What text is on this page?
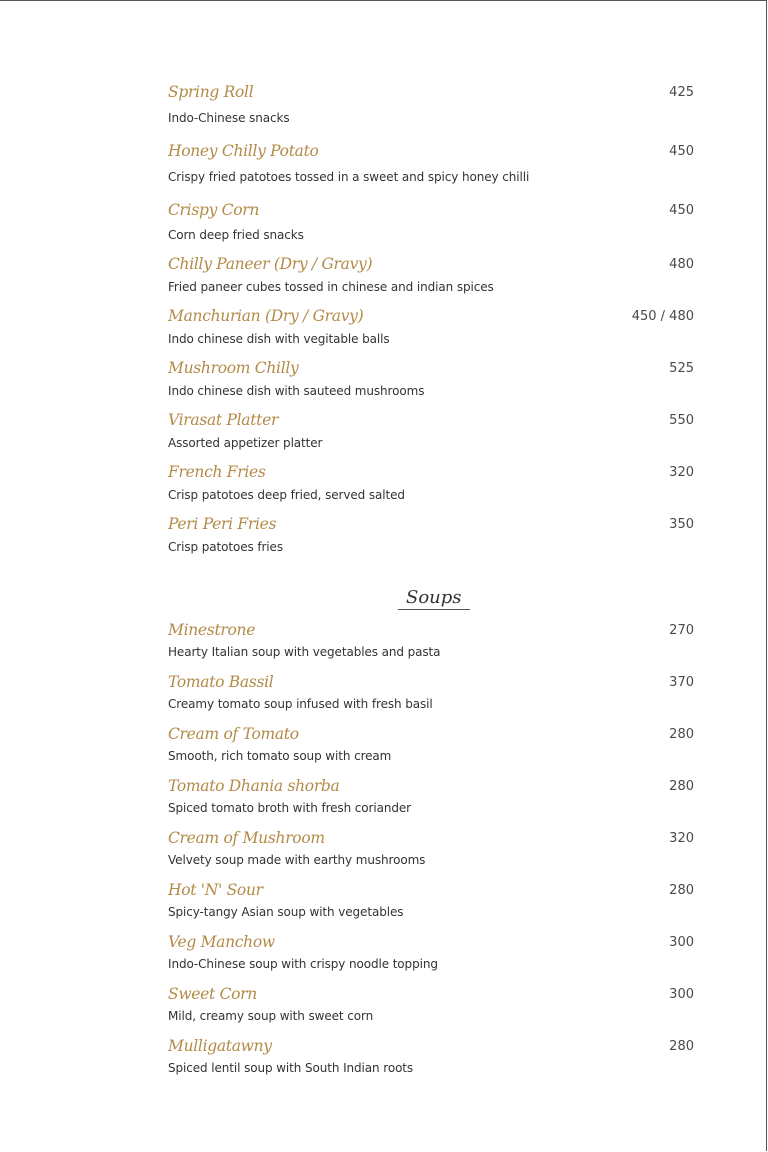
Spring Roll	425
Indo-Chinese snacks
Honey Chilly Potato	450
Crispy fried patotoes tossed in a sweet and spicy honey chilli
Crispy Corn	450
Corn deep fried snacks
Chilly Paneer (Dry / Gravy)	480
Fried paneer cubes tossed in chinese and indian spices
Manchurian (Dry / Gravy)	450 / 480
Indo chinese dish with vegitable balls
Mushroom Chilly	525
Indo chinese dish with sauteed mushrooms
Virasat Platter	550
Assorted appetizer platter
French Fries	320
Crisp patotoes deep fried, served salted
Peri Peri Fries	350
Crisp patotoes fries
Soups
Minestrone	270
Hearty Italian soup with vegetables and pasta
Tomato Bassil	370
Creamy tomato soup infused with fresh basil
Cream of Tomato	280
Smooth, rich tomato soup with cream
Tomato Dhania shorba	280
Spiced tomato broth with fresh coriander
Cream of Mushroom	320
Velvety soup made with earthy mushrooms
Hot 'N' Sour	280
Spicy-tangy Asian soup with vegetables
Veg Manchow	300
Indo-Chinese soup with crispy noodle topping
Sweet Corn	300
Mild, creamy soup with sweet corn
Mulligatawny	280
Spiced lentil soup with South Indian roots
